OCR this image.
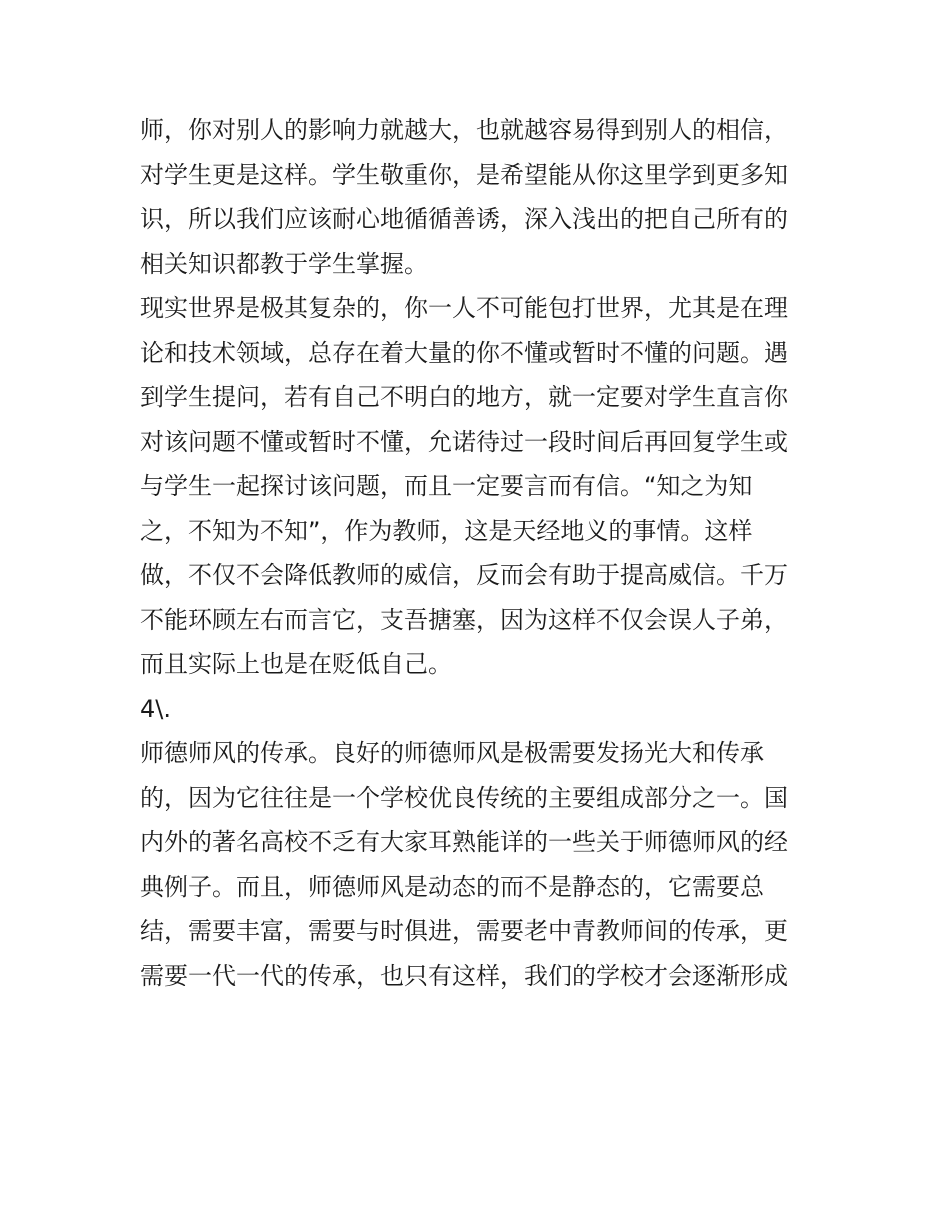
师，你对别人的影响力就越大，也就越容易得到别人的相信，
对学生更是这样。学生敬重你，是希望能从你这里学到更多知
识，所以我们应该耐心地循循善诱，深入浅出的把自己所有的
相关知识都教于学生掌握。
现实世界是极其复杂的，你一人不可能包打世界，尤其是在理
论和技术领域，总存在着大量的你不懂或暂时不懂的问题。遇
到学生提问，若有自己不明白的地方，就一定要对学生直言你
对该问题不懂或暂时不懂，允诺待过一段时间后再回复学生或
与学生一起探讨该问题，而且一定要言而有信。“知之为知
之，不知为不知”，作为教师，这是天经地义的事情。这样
做，不仅不会降低教师的威信，反而会有助于提高威信。千万
不能环顾左右而言它，支吾搪塞，因为这样不仅会误人子弟，
而且实际上也是在贬低自己。
4\.
师德师风的传承。良好的师德师风是极需要发扬光大和传承
的，因为它往往是一个学校优良传统的主要组成部分之一。国
内外的著名高校不乏有大家耳熟能详的一些关于师德师风的经
典例子。而且，师德师风是动态的而不是静态的，它需要总
结，需要丰富，需要与时俱进，需要老中青教师间的传承，更
需要一代一代的传承，也只有这样，我们的学校才会逐渐形成
